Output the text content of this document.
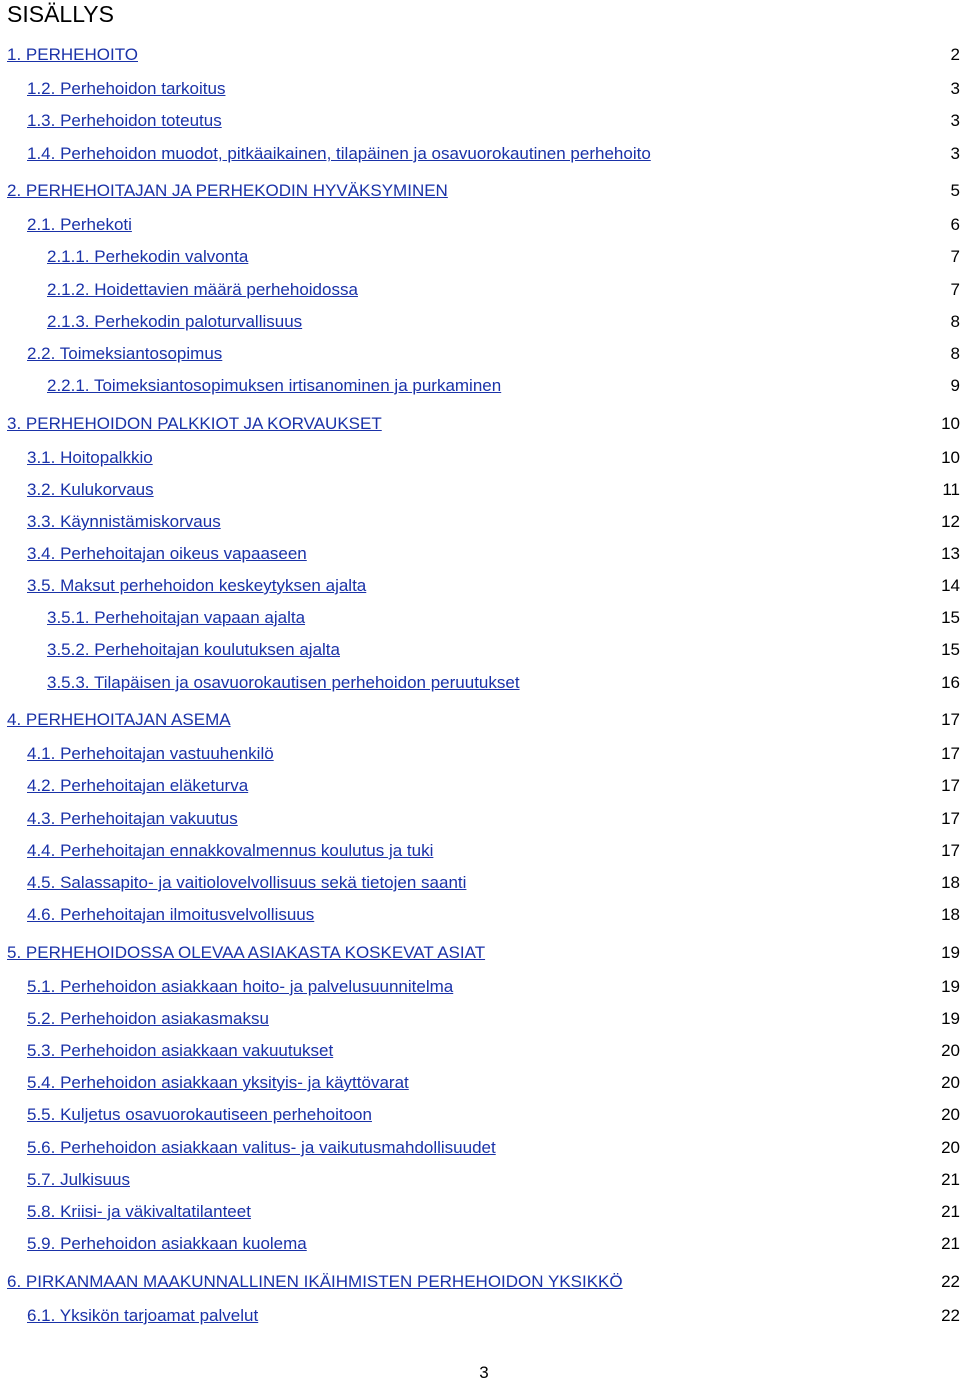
SISÄLLYS
1. PERHEHOITO	2
1.2. Perhehoidon tarkoitus	3
1.3. Perhehoidon toteutus	3
1.4. Perhehoidon muodot, pitkäaikainen, tilapäinen ja osavuorokautinen perhehoito	3
2. PERHEHOITAJAN JA PERHEKODIN HYVÄKSYMINEN	5
2.1. Perhekoti	6
2.1.1. Perhekodin valvonta	7
2.1.2. Hoidettavien määrä perhehoidossa	7
2.1.3. Perhekodin paloturvallisuus	8
2.2. Toimeksiantosopimus	8
2.2.1. Toimeksiantosopimuksen irtisanominen ja purkaminen	9
3. PERHEHOIDON PALKKIOT JA KORVAUKSET	10
3.1. Hoitopalkkio	10
3.2. Kulukorvaus	11
3.3. Käynnistämiskorvaus	12
3.4. Perhehoitajan oikeus vapaaseen	13
3.5. Maksut perhehoidon keskeytyksen ajalta	14
3.5.1. Perhehoitajan vapaan ajalta	15
3.5.2. Perhehoitajan koulutuksen ajalta	15
3.5.3. Tilapäisen ja osavuorokautisen perhehoidon peruutukset	16
4. PERHEHOITAJAN ASEMA	17
4.1. Perhehoitajan vastuuhenkilö	17
4.2. Perhehoitajan eläketurva	17
4.3. Perhehoitajan vakuutus	17
4.4. Perhehoitajan ennakkovalmennus koulutus ja tuki	17
4.5. Salassapito- ja vaitiolovelvollisuus sekä tietojen saanti	18
4.6. Perhehoitajan ilmoitusvelvollisuus	18
5. PERHEHOIDOSSA OLEVAA ASIAKASTA KOSKEVAT ASIAT	19
5.1. Perhehoidon asiakkaan hoito- ja palvelusuunnitelma	19
5.2. Perhehoidon asiakasmaksu	19
5.3. Perhehoidon asiakkaan vakuutukset	20
5.4. Perhehoidon asiakkaan yksityis- ja käyttövarat	20
5.5. Kuljetus osavuorokautiseen perhehoitoon	20
5.6. Perhehoidon asiakkaan valitus- ja vaikutusmahdollisuudet	20
5.7. Julkisuus	21
5.8. Kriisi- ja väkivaltatilanteet	21
5.9. Perhehoidon asiakkaan kuolema	21
6. PIRKANMAAN MAAKUNNALLINEN IKÄIHMISTEN PERHEHOIDON YKSIKKÖ	22
6.1. Yksikön tarjoamat palvelut	22
3
